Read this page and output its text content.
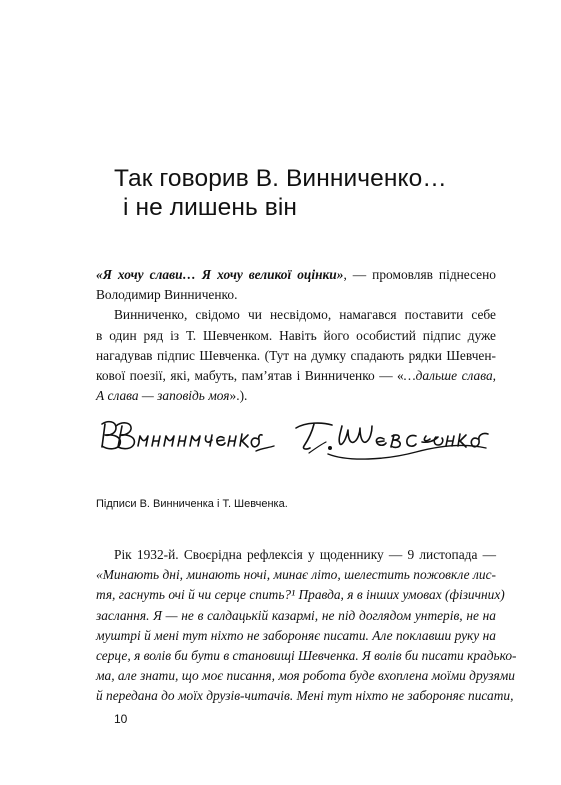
Так говорив В. Винниченко…
і не лишень він
«Я хочу слави… Я хочу великої оцінки», — промовляв піднесено
Володимир Винниченко.
Винниченко, свідомо чи несвідомо, намагався поставити себе
в один ряд із Т. Шевченком. Навіть його особистий підпис дуже
нагадував підпис Шевченка. (Тут на думку спадають рядки Шевчен-
кової поезії, які, мабуть, пам’ятав і Винниченко — «…дальше слава,
А слава — заповідь моя».).
Підписи В. Винниченка і Т. Шевченка.
Рік 1932-й. Своєрідна рефлексія у щоденнику — 9 листопада —
«Минають дні, минають ночі, минає літо, шелестить пожовкле лис-
тя, гаснуть очі й чи серце спить?¹ Правда, я в інших умовах (фізичних)
заслання. Я — не в салдацькій казармі, не під доглядом унтерів, не на
муштрі й мені тут ніхто не забороняє писати. Але поклавши руку на
серце, я волів би бути в становищі Шевченка. Я волів би писати крадько-
ма, але знати, що моє писання, моя робота буде вхоплена моїми друзями
й передана до моїх друзів-читачів. Мені тут ніхто не забороняє писати,
10
